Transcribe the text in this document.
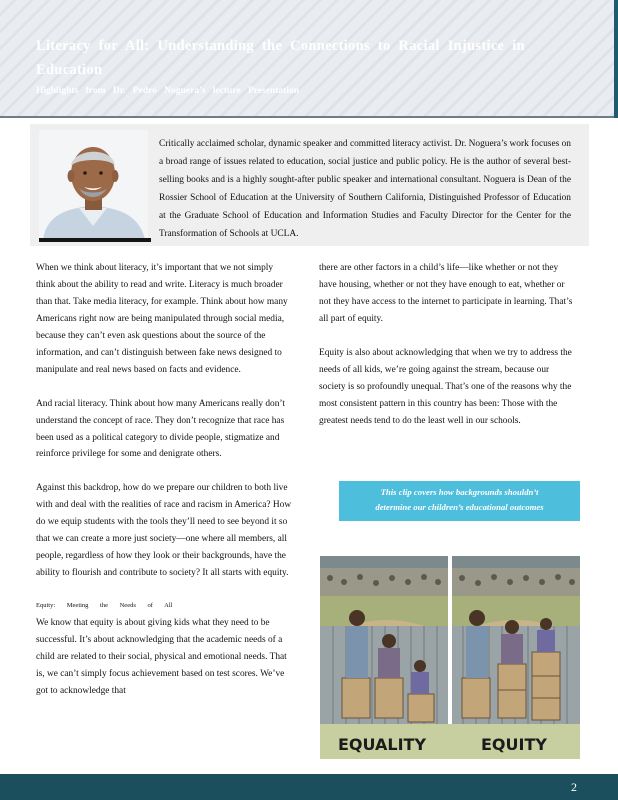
Literacy for All: Understanding the Connections to Racial Injustice in Education
Highlights from Dr. Pedro Noguera's lecture Presentation
Critically acclaimed scholar, dynamic speaker and committed literacy activist. Dr. Noguera’s work focuses on a broad range of issues related to education, social justice and public policy. He is the author of several best-selling books and is a highly sought-after public speaker and international consultant. Noguera is Dean of the Rossier School of Education at the University of Southern California, Distinguished Professor of Education at the Graduate School of Education and Information Studies and Faculty Director for the Center for the Transformation of Schools at UCLA.

When we think about literacy, it’s important that we not simply think about the ability to read and write. Literacy is much broader than that. Take media literacy, for example. Think about how many Americans right now are being manipulated through social media, because they can’t even ask questions about the source of the information, and can’t distinguish between fake news designed to manipulate and real news based on facts and evidence.

And racial literacy. Think about how many Americans really don’t understand the concept of race. They don’t recognize that race has been used as a political category to divide people, stigmatize and reinforce privilege for some and denigrate others.

Against this backdrop, how do we prepare our children to both live with and deal with the realities of race and racism in America? How do we equip students with the tools they’ll need to see beyond it so that we can create a more just society—one where all members, all people, regardless of how they look or their backgrounds, have the ability to flourish and contribute to society? It all starts with equity.

Equity: Meeting the Needs of All

We know that equity is about giving kids what they need to be successful. It’s about acknowledging that the academic needs of a child are related to their social, physical and emotional needs. That is, we can’t simply focus achievement based on test scores. We’ve got to acknowledge that

there are other factors in a child’s life—like whether or not they have housing, whether or not they have enough to eat, whether or not they have access to the internet to participate in learning. That’s all part of equity.

Equity is also about acknowledging that when we try to address the needs of all kids, we’re going against the stream, because our society is so profoundly unequal. That’s one of the reasons why the most consistent pattern in this country has been: Those with the greatest needs tend to do the least well in our schools.

This clip covers how backgrounds shouldn’t
determine our children’s educational outcomes
EQUALITY	EQUITY
2
